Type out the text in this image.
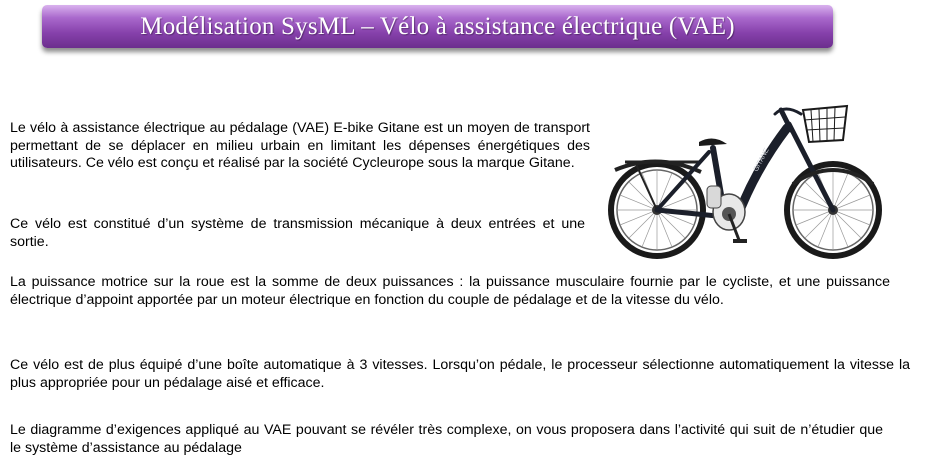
Modélisation SysML – Vélo à assistance électrique (VAE)

Le vélo à assistance électrique au pédalage (VAE) E-bike Gitane est un moyen de transport permettant de se déplacer en milieu urbain en limitant les dépenses énergétiques des utilisateurs. Ce vélo est conçu et réalisé par la société Cycleurope sous la marque Gitane.

Ce vélo est constitué d’un système de transmission mécanique à deux entrées et une sortie.

La puissance motrice sur la roue est la somme de deux puissances : la puissance musculaire fournie par le cycliste, et une puissance électrique d’appoint apportée par un moteur électrique en fonction du couple de pédalage et de la vitesse du vélo.

Ce vélo est de plus équipé d’une boîte automatique à 3 vitesses. Lorsqu’on pédale, le processeur sélectionne automatiquement la vitesse la plus appropriée pour un pédalage aisé et efficace.

Le diagramme d’exigences appliqué au VAE pouvant se révéler très complexe, on vous proposera dans l’activité qui suit de n’étudier que le système d’assistance au pédalage

GITANE
